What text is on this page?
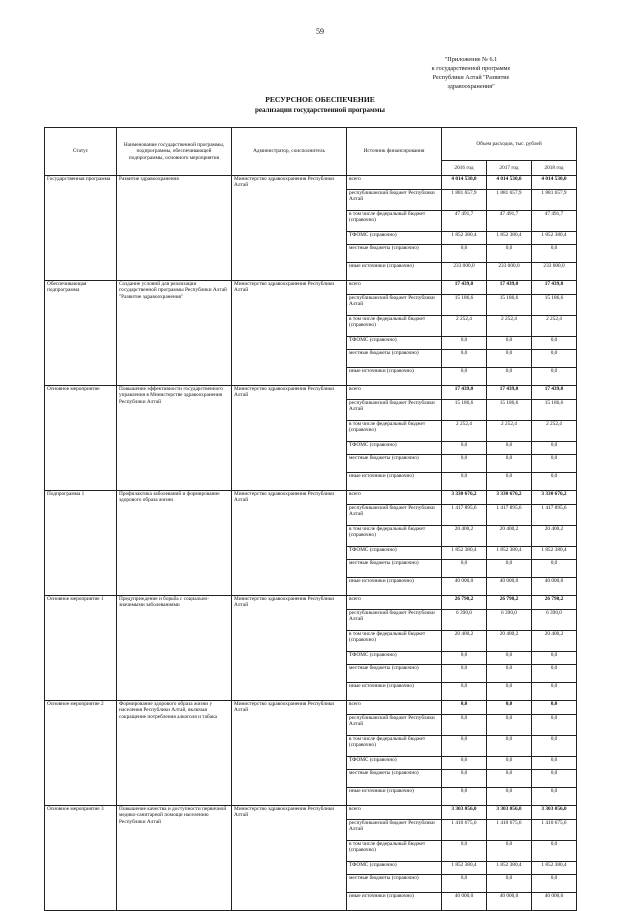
59
"Приложение № 6.1
к государственной программе
Республики Алтай "Развитие
здравоохранения"
РЕСУРСНОЕ ОБЕСПЕЧЕНИЕ
реализации государственной программы
Статус	Наименование государственной программы, подпрограммы, обеспечивающей подпрограммы, основного мероприятия	Администратор, соисполнитель	Источник финансирования	Объем расходов, тыс. рублей		
				2016 год	2017 год	2018 год
Государственная программа	Развитие здравоохранения	Министерство здравоохранения Республики Алтай	всего	4 014 530,0	4 014 530,0	4 014 530,0
			республиканский бюджет Республики Алтай	1 881 657,9	1 881 657,9	1 881 657,9
			в том числе федеральный бюджет (справочно)	47 491,7	47 491,7	47 491,7
			ТФОМС (справочно)	1 852 380,4	1 852 380,4	1 852 380,4
			местные бюджеты (справочно)	0,0	0,0	0,0
			иные источники (справочно)	233 000,0	233 000,0	233 000,0
Обеспечивающая подпрограмма	Создание условий для реализации государственной программы Республики Алтай "Развитие здравоохранения"	Министерство здравоохранения Республики Алтай	всего	17 439,0	17 439,0	17 439,0
			республиканский бюджет Республики Алтай	15 186,6	15 186,6	15 186,6
			в том числе федеральный бюджет (справочно)	2 252,4	2 252,4	2 252,4
			ТФОМС (справочно)	0,0	0,0	0,0
			местные бюджеты (справочно)	0,0	0,0	0,0
			иные источники (справочно)	0,0	0,0	0,0
Основное мероприятие	Повышение эффективности государственного управления в Министерстве здравоохранения Республики Алтай	Министерство здравоохранения Республики Алтай	всего	17 439,0	17 439,0	17 439,0
			республиканский бюджет Республики Алтай	15 186,6	15 186,6	15 186,6
			в том числе федеральный бюджет (справочно)	2 252,4	2 252,4	2 252,4
			ТФОМС (справочно)	0,0	0,0	0,0
			местные бюджеты (справочно)	0,0	0,0	0,0
			иные источники (справочно)	0,0	0,0	0,0
Подпрограмма 1	Профилактика заболеваний и формирование здорового образа жизни	Министерство здравоохранения Республики Алтай	всего	3 330 676,2	3 330 676,2	3 330 676,2
			республиканский бюджет Республики Алтай	1 417 895,6	1 417 895,6	1 417 895,6
			в том числе федеральный бюджет (справочно)	20 400,2	20 400,2	20 400,2
			ТФОМС (справочно)	1 852 380,4	1 852 380,4	1 852 380,4
			местные бюджеты (справочно)	0,0	0,0	0,0
			иные источники (справочно)	40 000,0	40 000,0	40 000,0
Основное мероприятие 1	Предупреждение и борьба с социально-значимыми заболеваниями	Министерство здравоохранения Республики Алтай	всего	26 790,2	26 790,2	26 790,2
			республиканский бюджет Республики Алтай	6 390,0	6 390,0	6 390,0
			в том числе федеральный бюджет (справочно)	20 400,2	20 400,2	20 400,2
			ТФОМС (справочно)	0,0	0,0	0,0
			местные бюджеты (справочно)	0,0	0,0	0,0
			иные источники (справочно)	0,0	0,0	0,0
Основное мероприятие 2	Формирование здорового образа жизни у населения Республики Алтай, включая сокращение потребления алкоголя и табака	Министерство здравоохранения Республики Алтай	всего	0,0	0,0	0,0
			республиканский бюджет Республики Алтай	0,0	0,0	0,0
			в том числе федеральный бюджет (справочно)	0,0	0,0	0,0
			ТФОМС (справочно)	0,0	0,0	0,0
			местные бюджеты (справочно)	0,0	0,0	0,0
			иные источники (справочно)	0,0	0,0	0,0
Основное мероприятие 3	Повышение качества и доступности первичной медико-санитарной помощи населению Республики Алтай	Министерство здравоохранения Республики Алтай	всего	3 303 056,0	3 303 056,0	3 303 056,0
			республиканский бюджет Республики Алтай	1 410 675,6	1 410 675,6	1 410 675,6
			в том числе федеральный бюджет (справочно)	0,0	0,0	0,0
			ТФОМС (справочно)	1 852 380,4	1 852 380,4	1 852 380,4
			местные бюджеты (справочно)	0,0	0,0	0,0
			иные источники (справочно)	40 000,0	40 000,0	40 000,0
